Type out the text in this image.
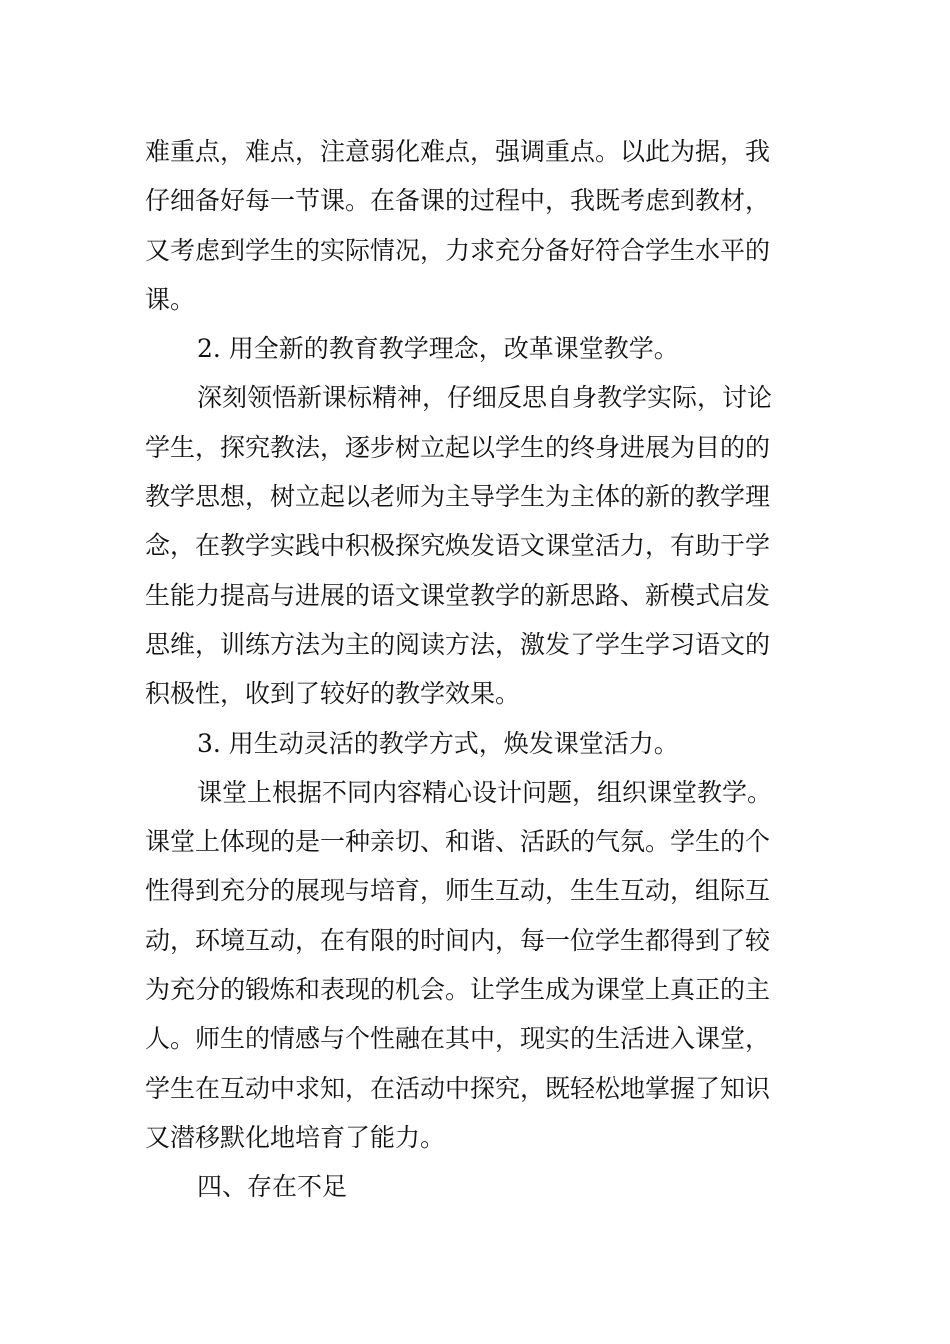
难重点，难点，注意弱化难点，强调重点。以此为据，我
仔细备好每一节课。在备课的过程中，我既考虑到教材，
又考虑到学生的实际情况，力求充分备好符合学生水平的
课。
2. 用全新的教育教学理念，改革课堂教学。
深刻领悟新课标精神，仔细反思自身教学实际，讨论
学生，探究教法，逐步树立起以学生的终身进展为目的的
教学思想，树立起以老师为主导学生为主体的新的教学理
念，在教学实践中积极探究焕发语文课堂活力，有助于学
生能力提高与进展的语文课堂教学的新思路、新模式启发
思维，训练方法为主的阅读方法，激发了学生学习语文的
积极性，收到了较好的教学效果。
3. 用生动灵活的教学方式，焕发课堂活力。
课堂上根据不同内容精心设计问题，组织课堂教学。
课堂上体现的是一种亲切、和谐、活跃的气氛。学生的个
性得到充分的展现与培育，师生互动，生生互动，组际互
动，环境互动，在有限的时间内，每一位学生都得到了较
为充分的锻炼和表现的机会。让学生成为课堂上真正的主
人。师生的情感与个性融在其中，现实的生活进入课堂，
学生在互动中求知，在活动中探究，既轻松地掌握了知识
又潜移默化地培育了能力。
四、存在不足
